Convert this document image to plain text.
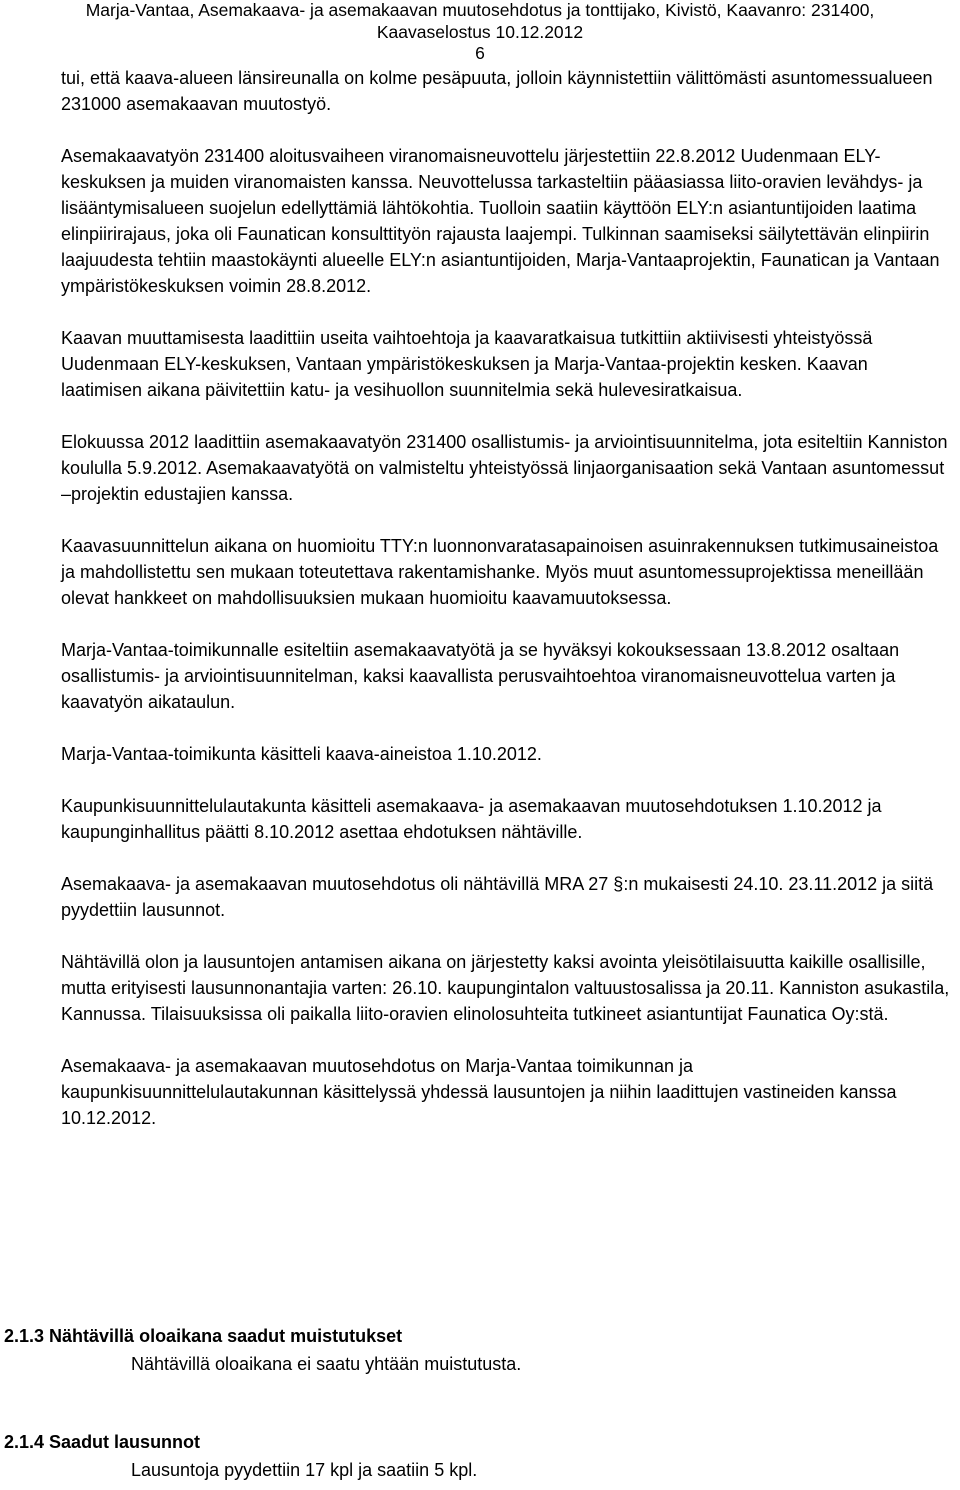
Marja-Vantaa, Asemakaava- ja asemakaavan muutosehdotus ja tonttijako, Kivistö, Kaavanro: 231400,
Kaavaselostus 10.12.2012
6

tui, että kaava-alueen länsireunalla on kolme pesäpuuta, jolloin käynnistettiin välittömästi asuntomessualueen 231000 asemakaavan muutostyö.

Asemakaavatyön 231400 aloitusvaiheen viranomaisneuvottelu järjestettiin 22.8.2012 Uudenmaan ELY-keskuksen ja muiden viranomaisten kanssa. Neuvottelussa tarkasteltiin pääasiassa liito-oravien levähdys- ja lisääntymisalueen suojelun edellyttämiä lähtökohtia. Tuolloin saatiin käyttöön ELY:n asiantuntijoiden laatima elinpiirirajaus, joka oli Faunatican konsulttityön rajausta laajempi. Tulkinnan saamiseksi säilytettävän elinpiirin laajuudesta tehtiin maastokäynti alueelle ELY:n asiantuntijoiden, Marja-Vantaaprojektin, Faunatican ja Vantaan ympäristökeskuksen voimin 28.8.2012.

Kaavan muuttamisesta laadittiin useita vaihtoehtoja ja kaavaratkaisua tutkittiin aktiivisesti yhteistyössä Uudenmaan ELY-keskuksen, Vantaan ympäristökeskuksen ja Marja-Vantaa-projektin kesken. Kaavan laatimisen aikana päivitettiin katu- ja vesihuollon suunnitelmia sekä hulevesiratkaisua.

Elokuussa 2012 laadittiin asemakaavatyön 231400 osallistumis- ja arviointisuunnitelma, jota esiteltiin Kanniston koululla 5.9.2012. Asemakaavatyötä on valmisteltu yhteistyössä linjaorganisaation sekä Vantaan asuntomessut –projektin edustajien kanssa.

Kaavasuunnittelun aikana on huomioitu TTY:n luonnonvaratasapainoisen asuinrakennuksen tutkimusaineistoa ja mahdollistettu sen mukaan toteutettava rakentamishanke. Myös muut asuntomessuprojektissa meneillään olevat hankkeet on mahdollisuuksien mukaan huomioitu kaavamuutoksessa.

Marja-Vantaa-toimikunnalle esiteltiin asemakaavatyötä ja se hyväksyi kokouksessaan 13.8.2012 osaltaan osallistumis- ja arviointisuunnitelman, kaksi kaavallista perusvaihtoehtoa viranomaisneuvottelua varten ja kaavatyön aikataulun.

Marja-Vantaa-toimikunta käsitteli kaava-aineistoa 1.10.2012.

Kaupunkisuunnittelulautakunta käsitteli asemakaava- ja asemakaavan muutosehdotuksen 1.10.2012 ja kaupunginhallitus päätti 8.10.2012 asettaa ehdotuksen nähtäville.

Asemakaava- ja asemakaavan muutosehdotus oli nähtävillä MRA 27 §:n mukaisesti 24.10. 23.11.2012 ja siitä pyydettiin lausunnot.

Nähtävillä olon ja lausuntojen antamisen aikana on järjestetty kaksi avointa yleisötilaisuutta kaikille osallisille, mutta erityisesti lausunnonantajia varten: 26.10. kaupungintalon valtuustosalissa ja 20.11. Kanniston asukastila, Kannussa. Tilaisuuksissa oli paikalla liito-oravien elinolosuhteita tutkineet asiantuntijat Faunatica Oy:stä.

Asemakaava- ja asemakaavan muutosehdotus on Marja-Vantaa toimikunnan ja kaupunkisuunnittelulautakunnan käsittelyssä yhdessä lausuntojen ja niihin laadittujen vastineiden kanssa 10.12.2012.

2.1.3 Nähtävillä oloaikana saadut muistutukset

Nähtävillä oloaikana ei saatu yhtään muistutusta.

2.1.4 Saadut lausunnot

Lausuntoja pyydettiin 17 kpl ja saatiin 5 kpl.
